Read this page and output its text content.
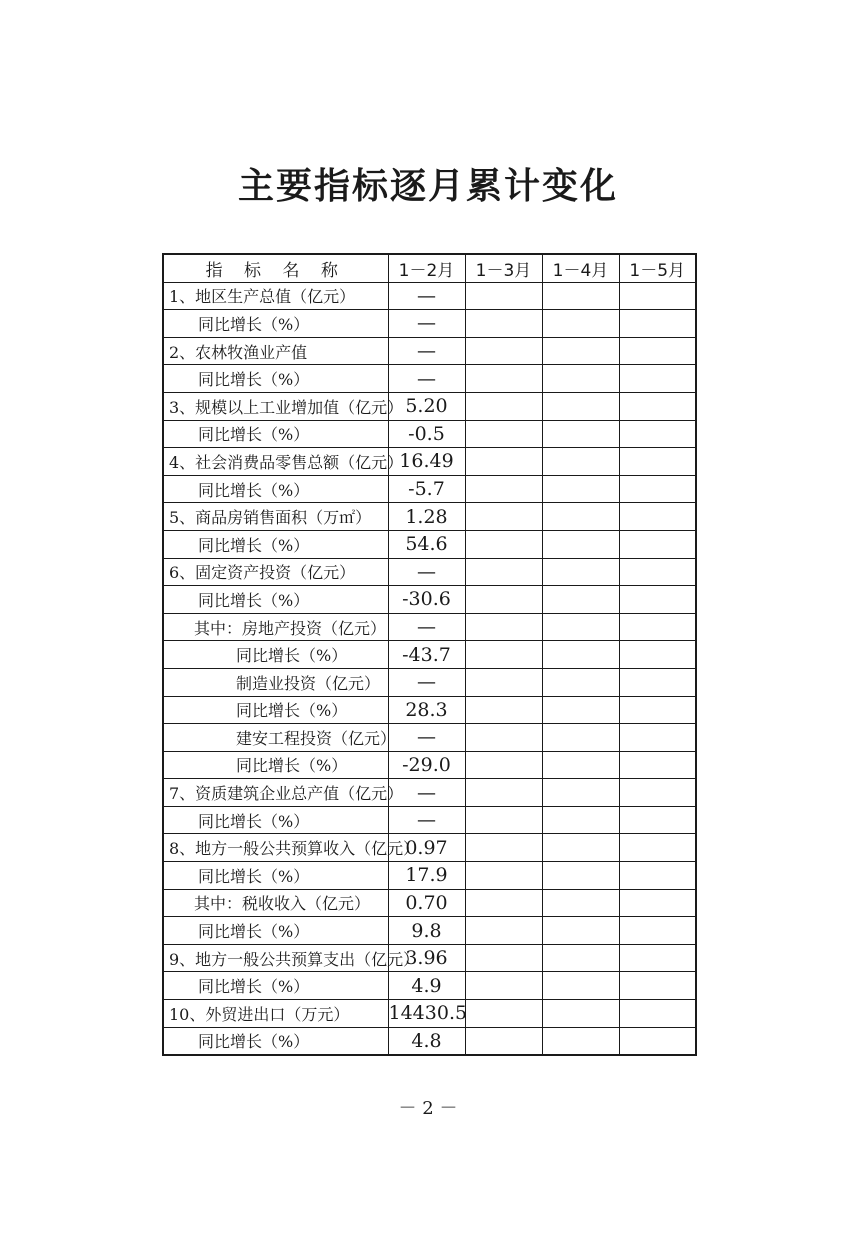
主要指标逐月累计变化
指 标 名 称	1－2月	1－3月	1－4月	1－5月
1、地区生产总值（亿元）	—			
同比增长（%）	—			
2、农林牧渔业产值	—			
同比增长（%）	—			
3、规模以上工业增加值（亿元）	5.20			
同比增长（%）	-0.5			
4、社会消费品零售总额（亿元）	16.49			
同比增长（%）	-5.7			
5、商品房销售面积（万㎡）	1.28			
同比增长（%）	54.6			
6、固定资产投资（亿元）	—			
同比增长（%）	-30.6			
其中：房地产投资（亿元）	—			
同比增长（%）	-43.7			
制造业投资（亿元）	—			
同比增长（%）	28.3			
建安工程投资（亿元）	—			
同比增长（%）	-29.0			
7、资质建筑企业总产值（亿元）	—			
同比增长（%）	—			
8、地方一般公共预算收入（亿元）	0.97			
同比增长（%）	17.9			
其中：税收收入（亿元）	0.70			
同比增长（%）	9.8			
9、地方一般公共预算支出（亿元）	3.96			
同比增长（%）	4.9			
10、外贸进出口（万元）	14430.5			
同比增长（%）	4.8			
－ 2 －
